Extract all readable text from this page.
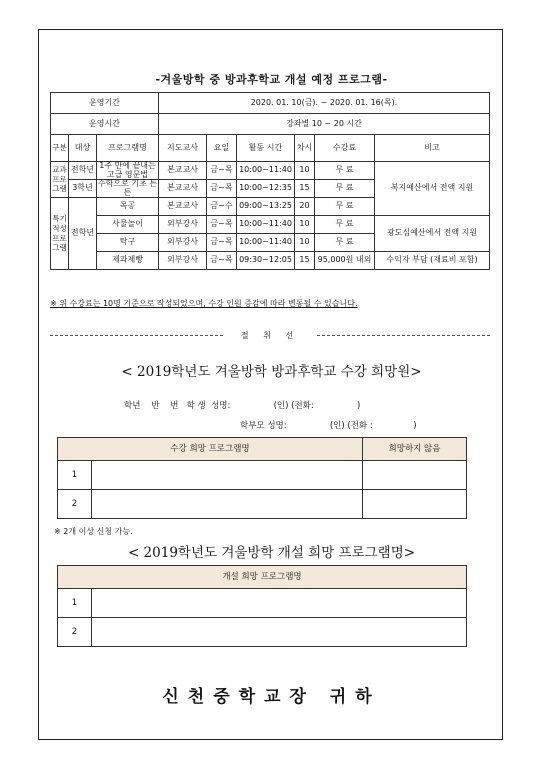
-겨울방학 중 방과후학교 개설 예정 프로그램-
운영기간			2020. 01. 10(금). ~ 2020. 01. 16(목).					
운영시간			강좌별 10 ~ 20 시간					
구분	대상	프로그램명	지도교사	요일	활동 시간	차시	수강료	비고
교과프로그램	전학년	1주 만에 끝내는 고급 영문법	본교교사	금~목	10:00~11:40	10	무 료	복지예산에서 전액 지원
	3학년	수학으로 기초 튼튼	본교교사	금~목	10:00~12:35	15	무 료	
특기적성프로그램	전학년	목공	본교교사	금~수	09:00~13:25	20	무 료	
		사물놀이	외부강사	금~목	10:00~11:40	10	무 료	광도심예산에서 전액 지원
		탁구	외부강사	금~목	10:00~11:40	10	무 료	
		제과제빵	외부강사	금~목	09:30~12:05	15	95,000원 내외	수익자 부담 (재료비 포함)
※ 위 수강료는 10명 기준으로 작성되었으며, 수강 인원 증감에 따라 변동될 수 있습니다.
절 취 선
< 2019학년도 겨울방학 방과후학교 수강 희망원>
학년    반    번   학 생  성명:                (인) (전화:                )
학부모 성명:                (인) (전화 :               )
수강 희망 프로그램명		희망하지 않음
1		
2		
※ 2개 이상 신청 가능.
< 2019학년도 겨울방학 개설 희망 프로그램명>
개설 희망 프로그램명	
1	
2	
신천중학교장 귀하
